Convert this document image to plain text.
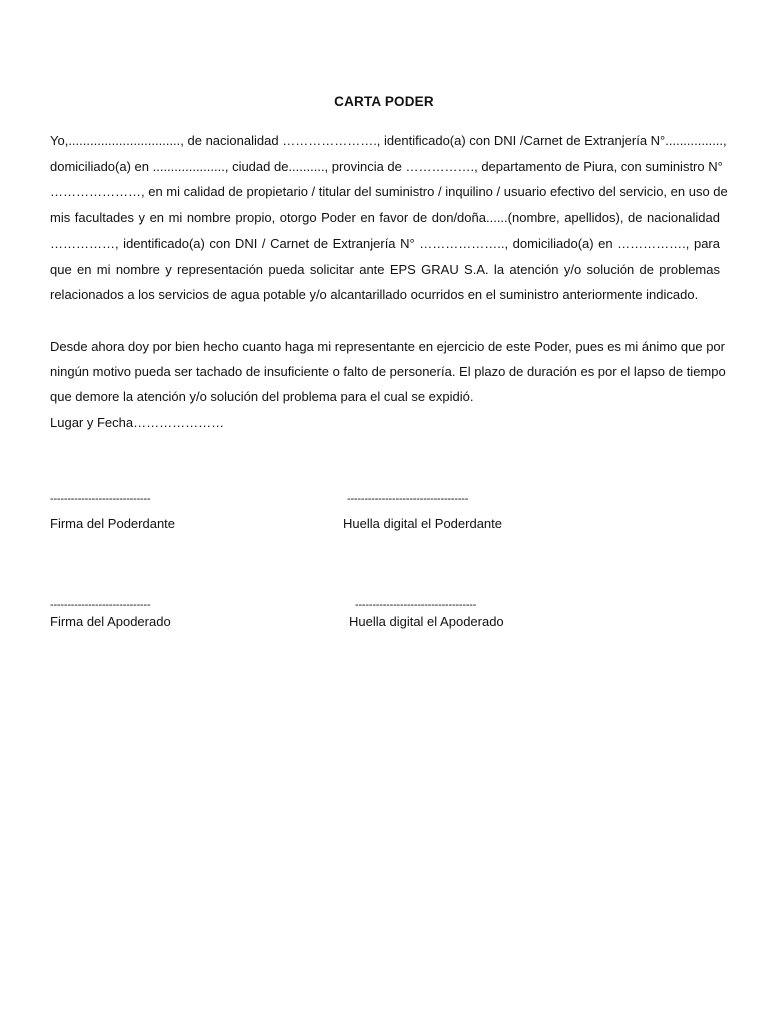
CARTA PODER
Yo,..............................., de nacionalidad …………………., identificado(a) con DNI /Carnet de Extranjería N°................,
domiciliado(a) en ...................., ciudad de.........., provincia de ……………., departamento de Piura, con suministro N°
…………………, en mi calidad de propietario / titular del suministro / inquilino / usuario efectivo del servicio, en uso de
mis facultades y en mi nombre propio, otorgo Poder en favor de don/doña......(nombre, apellidos), de nacionalidad
……………, identificado(a) con DNI / Carnet de Extranjería N° ……………….., domiciliado(a) en ……………., para
que en mi nombre y representación pueda solicitar ante EPS GRAU S.A. la atención y/o solución de problemas
relacionados a los servicios de agua potable y/o alcantarillado ocurridos en el suministro anteriormente indicado.
Desde ahora doy por bien hecho cuanto haga mi representante en ejercicio de este Poder, pues es mi ánimo que por
ningún motivo pueda ser tachado de insuficiente o falto de personería. El plazo de duración es por el lapso de tiempo
que demore la atención y/o solución del problema para el cual se expidió.
Lugar y Fecha…………………
-----------------------------
Firma del Poderdante
-----------------------------------
Huella digital el Poderdante
-----------------------------
Firma del Apoderado
-----------------------------------
Huella digital el Apoderado
